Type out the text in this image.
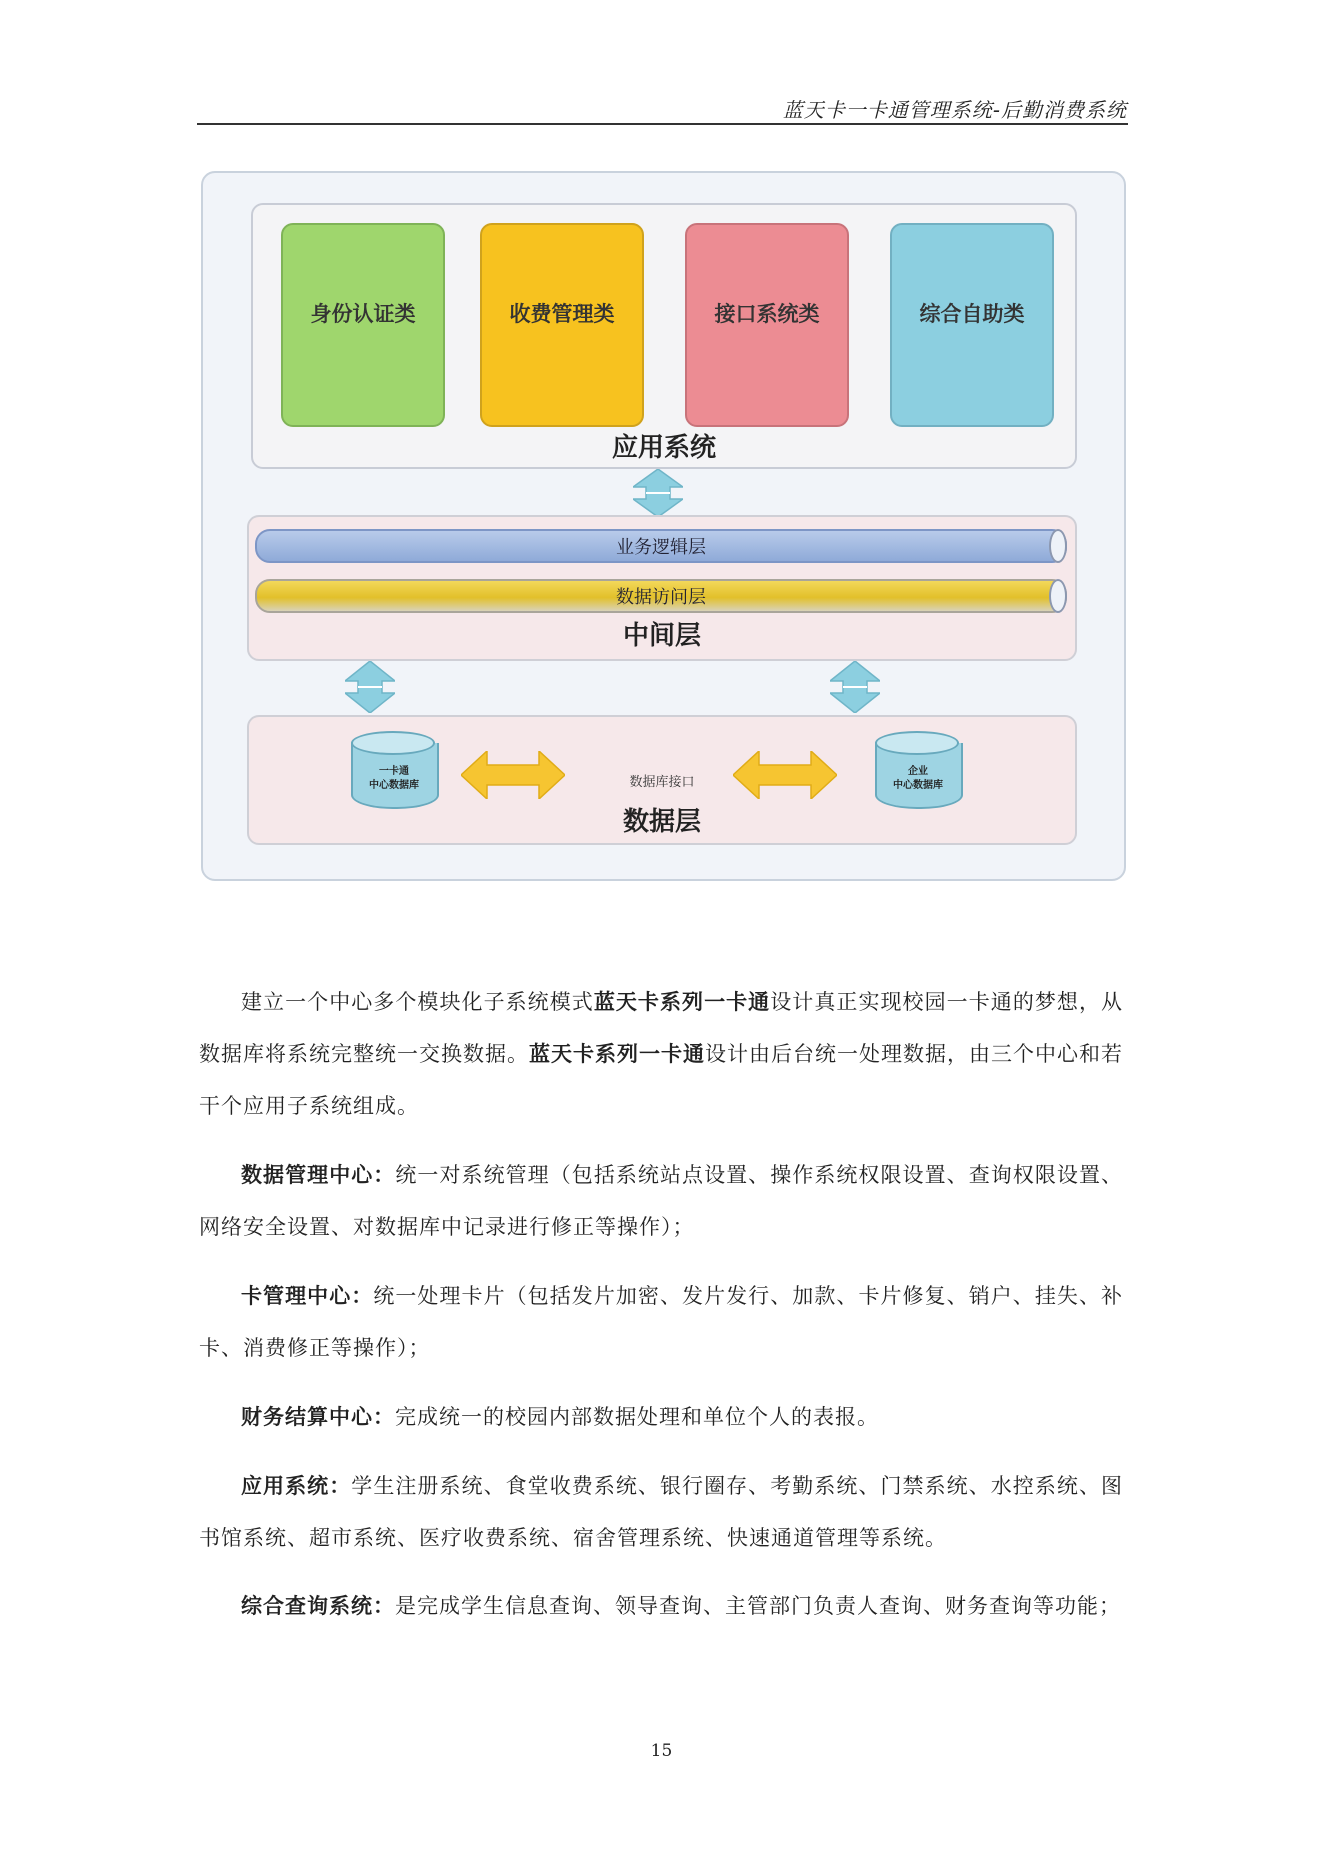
蓝天卡一卡通管理系统-后勤消费系统
身份认证类	收费管理类	接口系统类	综合自助类
应用系统
业务逻辑层
数据访问层
中间层
一卡通
中心数据库	数据库接口
企业
中心数据库
数据层
建立一个中心多个模块化子系统模式蓝天卡系列一卡通设计真正实现校园一卡通的梦想，从数据库将系统完整统一交换数据。蓝天卡系列一卡通设计由后台统一处理数据，由三个中心和若干个应用子系统组成。
数据管理中心：统一对系统管理（包括系统站点设置、操作系统权限设置、查询权限设置、网络安全设置、对数据库中记录进行修正等操作）；
卡管理中心：统一处理卡片（包括发片加密、发片发行、加款、卡片修复、销户、挂失、补卡、消费修正等操作）；
财务结算中心：完成统一的校园内部数据处理和单位个人的表报。
应用系统：学生注册系统、食堂收费系统、银行圈存、考勤系统、门禁系统、水控系统、图书馆系统、超市系统、医疗收费系统、宿舍管理系统、快速通道管理等系统。
综合查询系统：是完成学生信息查询、领导查询、主管部门负责人查询、财务查询等功能；
15
